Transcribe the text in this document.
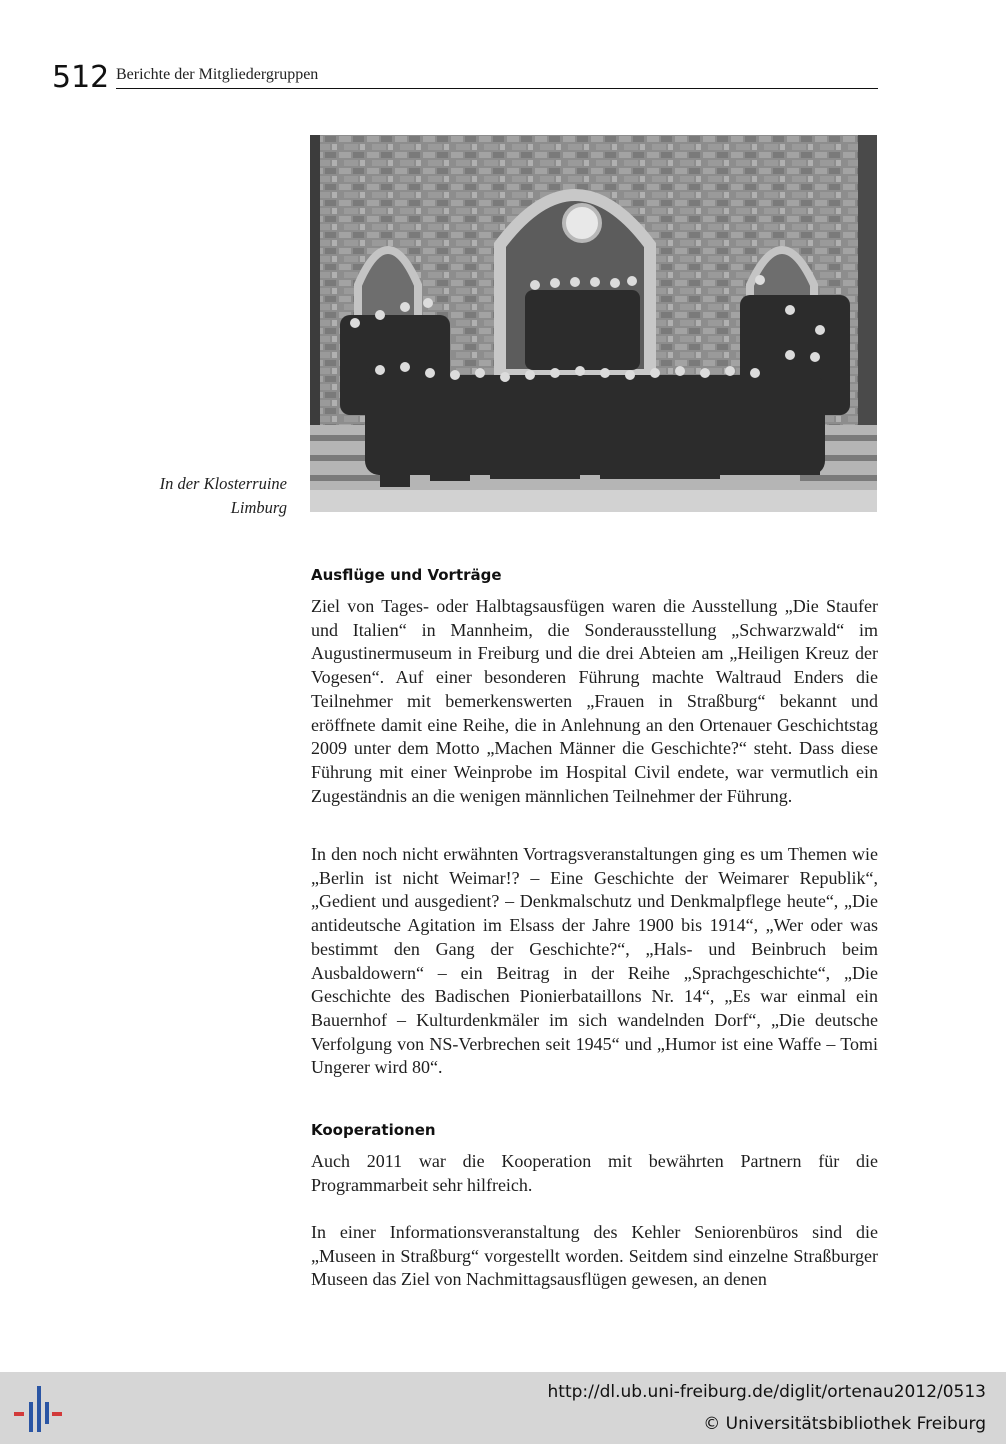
512 Berichte der Mitgliedergruppen
In der Klosterruine
Limburg
Ausflüge und Vorträge
Ziel von Tages- oder Halbtagsausfügen waren die Ausstellung „Die Staufer und Italien“ in Mannheim, die Sonderausstellung „Schwarzwald“ im Augustinermuseum in Freiburg und die drei Abteien am „Heiligen Kreuz der Vogesen“. Auf einer besonderen Führung machte Waltraud Enders die Teilnehmer mit bemerkenswerten „Frauen in Straßburg“ bekannt und eröffnete damit eine Reihe, die in Anlehnung an den Ortenauer Geschichtstag 2009 unter dem Motto „Machen Männer die Geschichte?“ steht. Dass diese Führung mit einer Weinprobe im Hospital Civil endete, war vermutlich ein Zugeständnis an die wenigen männlichen Teilnehmer der Führung.
In den noch nicht erwähnten Vortragsveranstaltungen ging es um Themen wie „Berlin ist nicht Weimar!? – Eine Geschichte der Weimarer Republik“, „Gedient und ausgedient? – Denkmalschutz und Denkmalpflege heute“, „Die antideutsche Agitation im Elsass der Jahre 1900 bis 1914“, „Wer oder was bestimmt den Gang der Geschichte?“, „Hals- und Beinbruch beim Ausbaldowern“ – ein Beitrag in der Reihe „Sprachgeschichte“, „Die Geschichte des Badischen Pionierbataillons Nr. 14“, „Es war einmal ein Bauernhof – Kulturdenkmäler im sich wandelnden Dorf“, „Die deutsche Verfolgung von NS-Verbrechen seit 1945“ und „Humor ist eine Waffe – Tomi Ungerer wird 80“.
Kooperationen
Auch 2011 war die Kooperation mit bewährten Partnern für die Programmarbeit sehr hilfreich.
In einer Informationsveranstaltung des Kehler Seniorenbüros sind die „Museen in Straßburg“ vorgestellt worden. Seitdem sind einzelne Straßburger Museen das Ziel von Nachmittagsausflügen gewesen, an denen
http://dl.ub.uni-freiburg.de/diglit/ortenau2012/0513
© Universitätsbibliothek Freiburg
